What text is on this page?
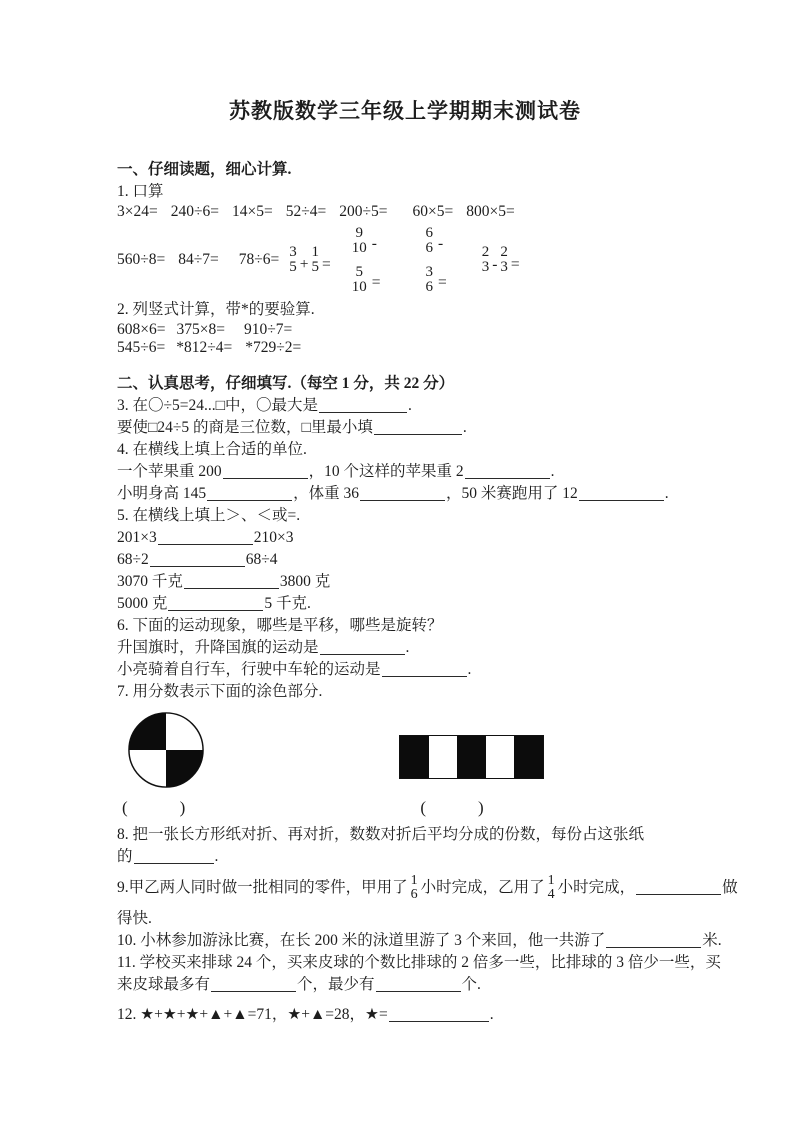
苏教版数学三年级上学期期末测试卷

一、仔细读题，细心计算.

1. 口算

3×24= 240÷6= 14×5= 52÷4= 200÷5= 60×5= 800×5=
560÷8= 84÷7= 78÷6= 3
5 +
1
5 =
9
10 -
5
10 =
6
6 -
3
6 =
2
3 -
2
3 =

2. 列竖式计算，带*的要验算.

608×6= 375×8= 910÷7=
545÷6= *812÷4= *729÷2=

二、认真思考，仔细填写.（每空 1 分，共 22 分）

3. 在〇÷5=24...□中，〇最大是	.

要使□24÷5 的商是三位数，□里最小填	.

4. 在横线上填上合适的单位.

一个苹果重 200	，10 个这样的苹果重 2	.

小明身高 145	，体重 36	，50 米赛跑用了 12	.

5. 在横线上填上＞、＜或=.

201×3	210×3

68÷2	68÷4

3070 千克	3800 克

5000 克	5 千克.

6. 下面的运动现象，哪些是平移，哪些是旋转？

升国旗时，升降国旗的运动是	.

小亮骑着自行车，行驶中车轮的运动是	.

7. 用分数表示下面的涂色部分.

(	)	(	)

8. 把一张长方形纸对折、再对折，数数对折后平均分成的份数，每份占这张纸

的	.

9.甲乙两人同时做一批相同的零件，甲用了 1
6 小时完成，乙用了 1
4 小时完成，	做

得快.

10. 小林参加游泳比赛，在长 200 米的泳道里游了 3 个来回，他一共游了	米.

11. 学校买来排球 24 个，买来皮球的个数比排球的 2 倍多一些，比排球的 3 倍少一些，买

来皮球最多有	个，最少有	个.

12. ★+★+★+▲+▲=71，★+▲=28，★=	.
